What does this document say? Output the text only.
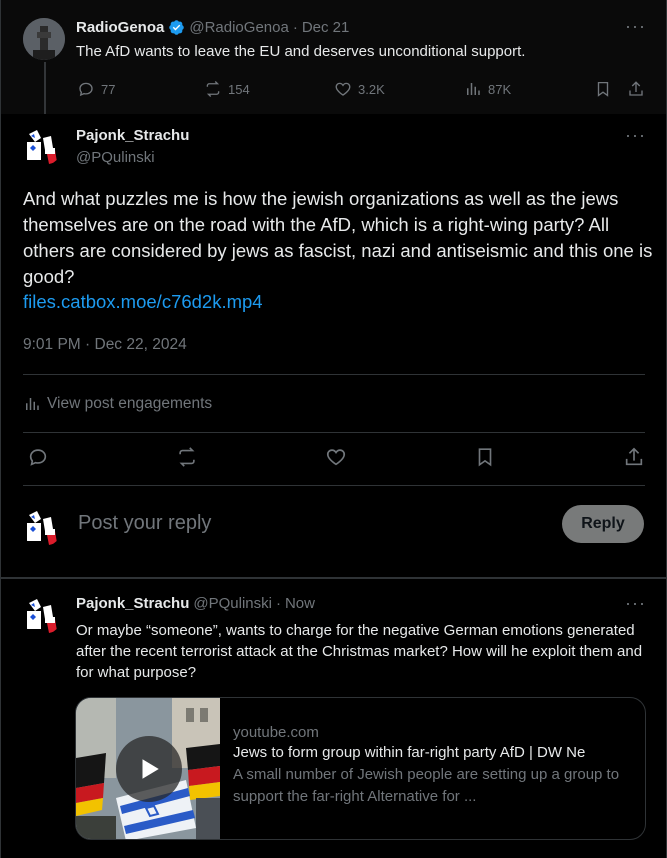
RadioGenoa @RadioGenoa · Dec 21	···
The AfD wants to leave the EU and deserves unconditional support.
77	154	3.2K	87K
Pajonk_Strachu
@PQulinski
···
And what puzzles me is how the jewish organizations as well as the jews themselves are on the road with the AfD, which is a right-wing party? All others are considered by jews as fascist, nazi and antiseismic and this one is good?
files.catbox.moe/c76d2k.mp4
9:01 PM · Dec 22, 2024
View post engagements
Post your reply	Reply
Pajonk_Strachu @PQulinski · Now	···
Or maybe “someone”, wants to charge for the negative German emotions generated after the recent terrorist attack at the Christmas market? How will he exploit them and for what purpose?
youtube.com
Jews to form group within far-right party AfD | DW Ne
A small number of Jewish people are setting up a group to support the far-right Alternative for ...
